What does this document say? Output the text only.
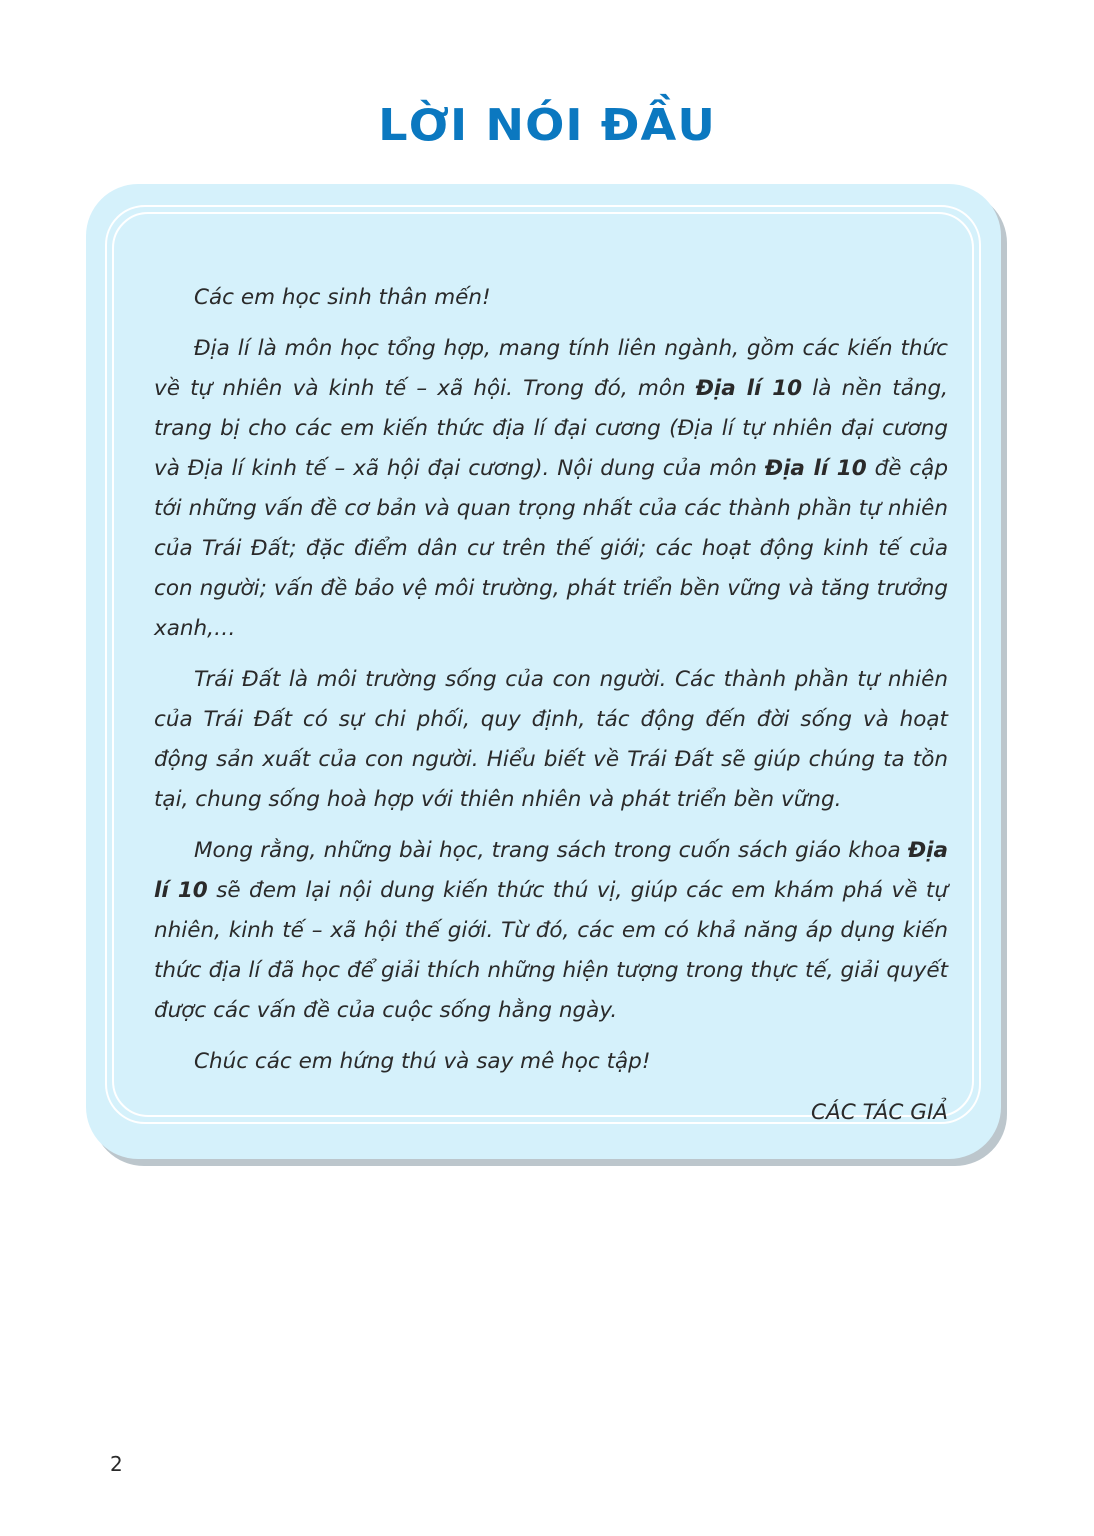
LỜI NÓI ĐẦU

Các em học sinh thân mến!

Địa lí là môn học tổng hợp, mang tính liên ngành, gồm các kiến thức về tự nhiên và kinh tế – xã hội. Trong đó, môn Địa lí 10 là nền tảng, trang bị cho các em kiến thức địa lí đại cương (Địa lí tự nhiên đại cương và Địa lí kinh tế – xã hội đại cương). Nội dung của môn Địa lí 10 đề cập tới những vấn đề cơ bản và quan trọng nhất của các thành phần tự nhiên của Trái Đất; đặc điểm dân cư trên thế giới; các hoạt động kinh tế của con người; vấn đề bảo vệ môi trường, phát triển bền vững và tăng trưởng xanh,…

Trái Đất là môi trường sống của con người. Các thành phần tự nhiên của Trái Đất có sự chi phối, quy định, tác động đến đời sống và hoạt động sản xuất của con người. Hiểu biết về Trái Đất sẽ giúp chúng ta tồn tại, chung sống hoà hợp với thiên nhiên và phát triển bền vững.

Mong rằng, những bài học, trang sách trong cuốn sách giáo khoa Địa lí 10 sẽ đem lại nội dung kiến thức thú vị, giúp các em khám phá về tự nhiên, kinh tế – xã hội thế giới. Từ đó, các em có khả năng áp dụng kiến thức địa lí đã học để giải thích những hiện tượng trong thực tế, giải quyết được các vấn đề của cuộc sống hằng ngày.

Chúc các em hứng thú và say mê học tập!

CÁC TÁC GIẢ

2
